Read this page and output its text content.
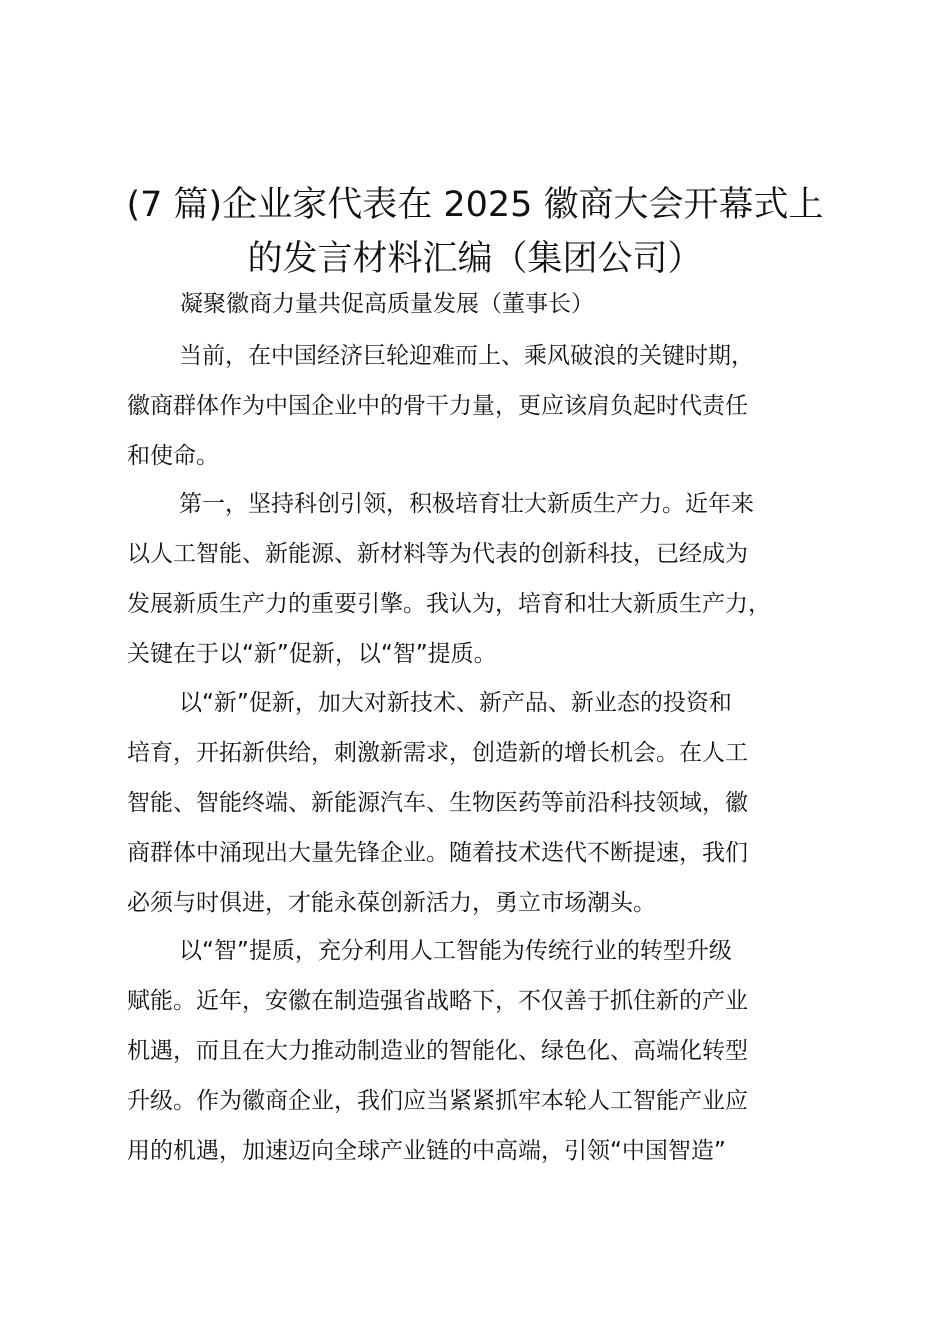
(7 篇)企业家代表在 2025 徽商大会开幕式上
的发言材料汇编（集团公司）

凝聚徽商力量共促高质量发展（董事长）

当前，在中国经济巨轮迎难而上、乘风破浪的关键时期，
徽商群体作为中国企业中的骨干力量，更应该肩负起时代责任
和使命。
第一，坚持科创引领，积极培育壮大新质生产力。近年来
以人工智能、新能源、新材料等为代表的创新科技，已经成为
发展新质生产力的重要引擎。我认为，培育和壮大新质生产力，
关键在于以“新”促新，以“智”提质。
以“新”促新，加大对新技术、新产品、新业态的投资和
培育，开拓新供给，刺激新需求，创造新的增长机会。在人工
智能、智能终端、新能源汽车、生物医药等前沿科技领域，徽
商群体中涌现出大量先锋企业。随着技术迭代不断提速，我们
必须与时俱进，才能永葆创新活力，勇立市场潮头。
以“智”提质，充分利用人工智能为传统行业的转型升级
赋能。近年，安徽在制造强省战略下，不仅善于抓住新的产业
机遇，而且在大力推动制造业的智能化、绿色化、高端化转型
升级。作为徽商企业，我们应当紧紧抓牢本轮人工智能产业应
用的机遇，加速迈向全球产业链的中高端，引领“中国智造”
